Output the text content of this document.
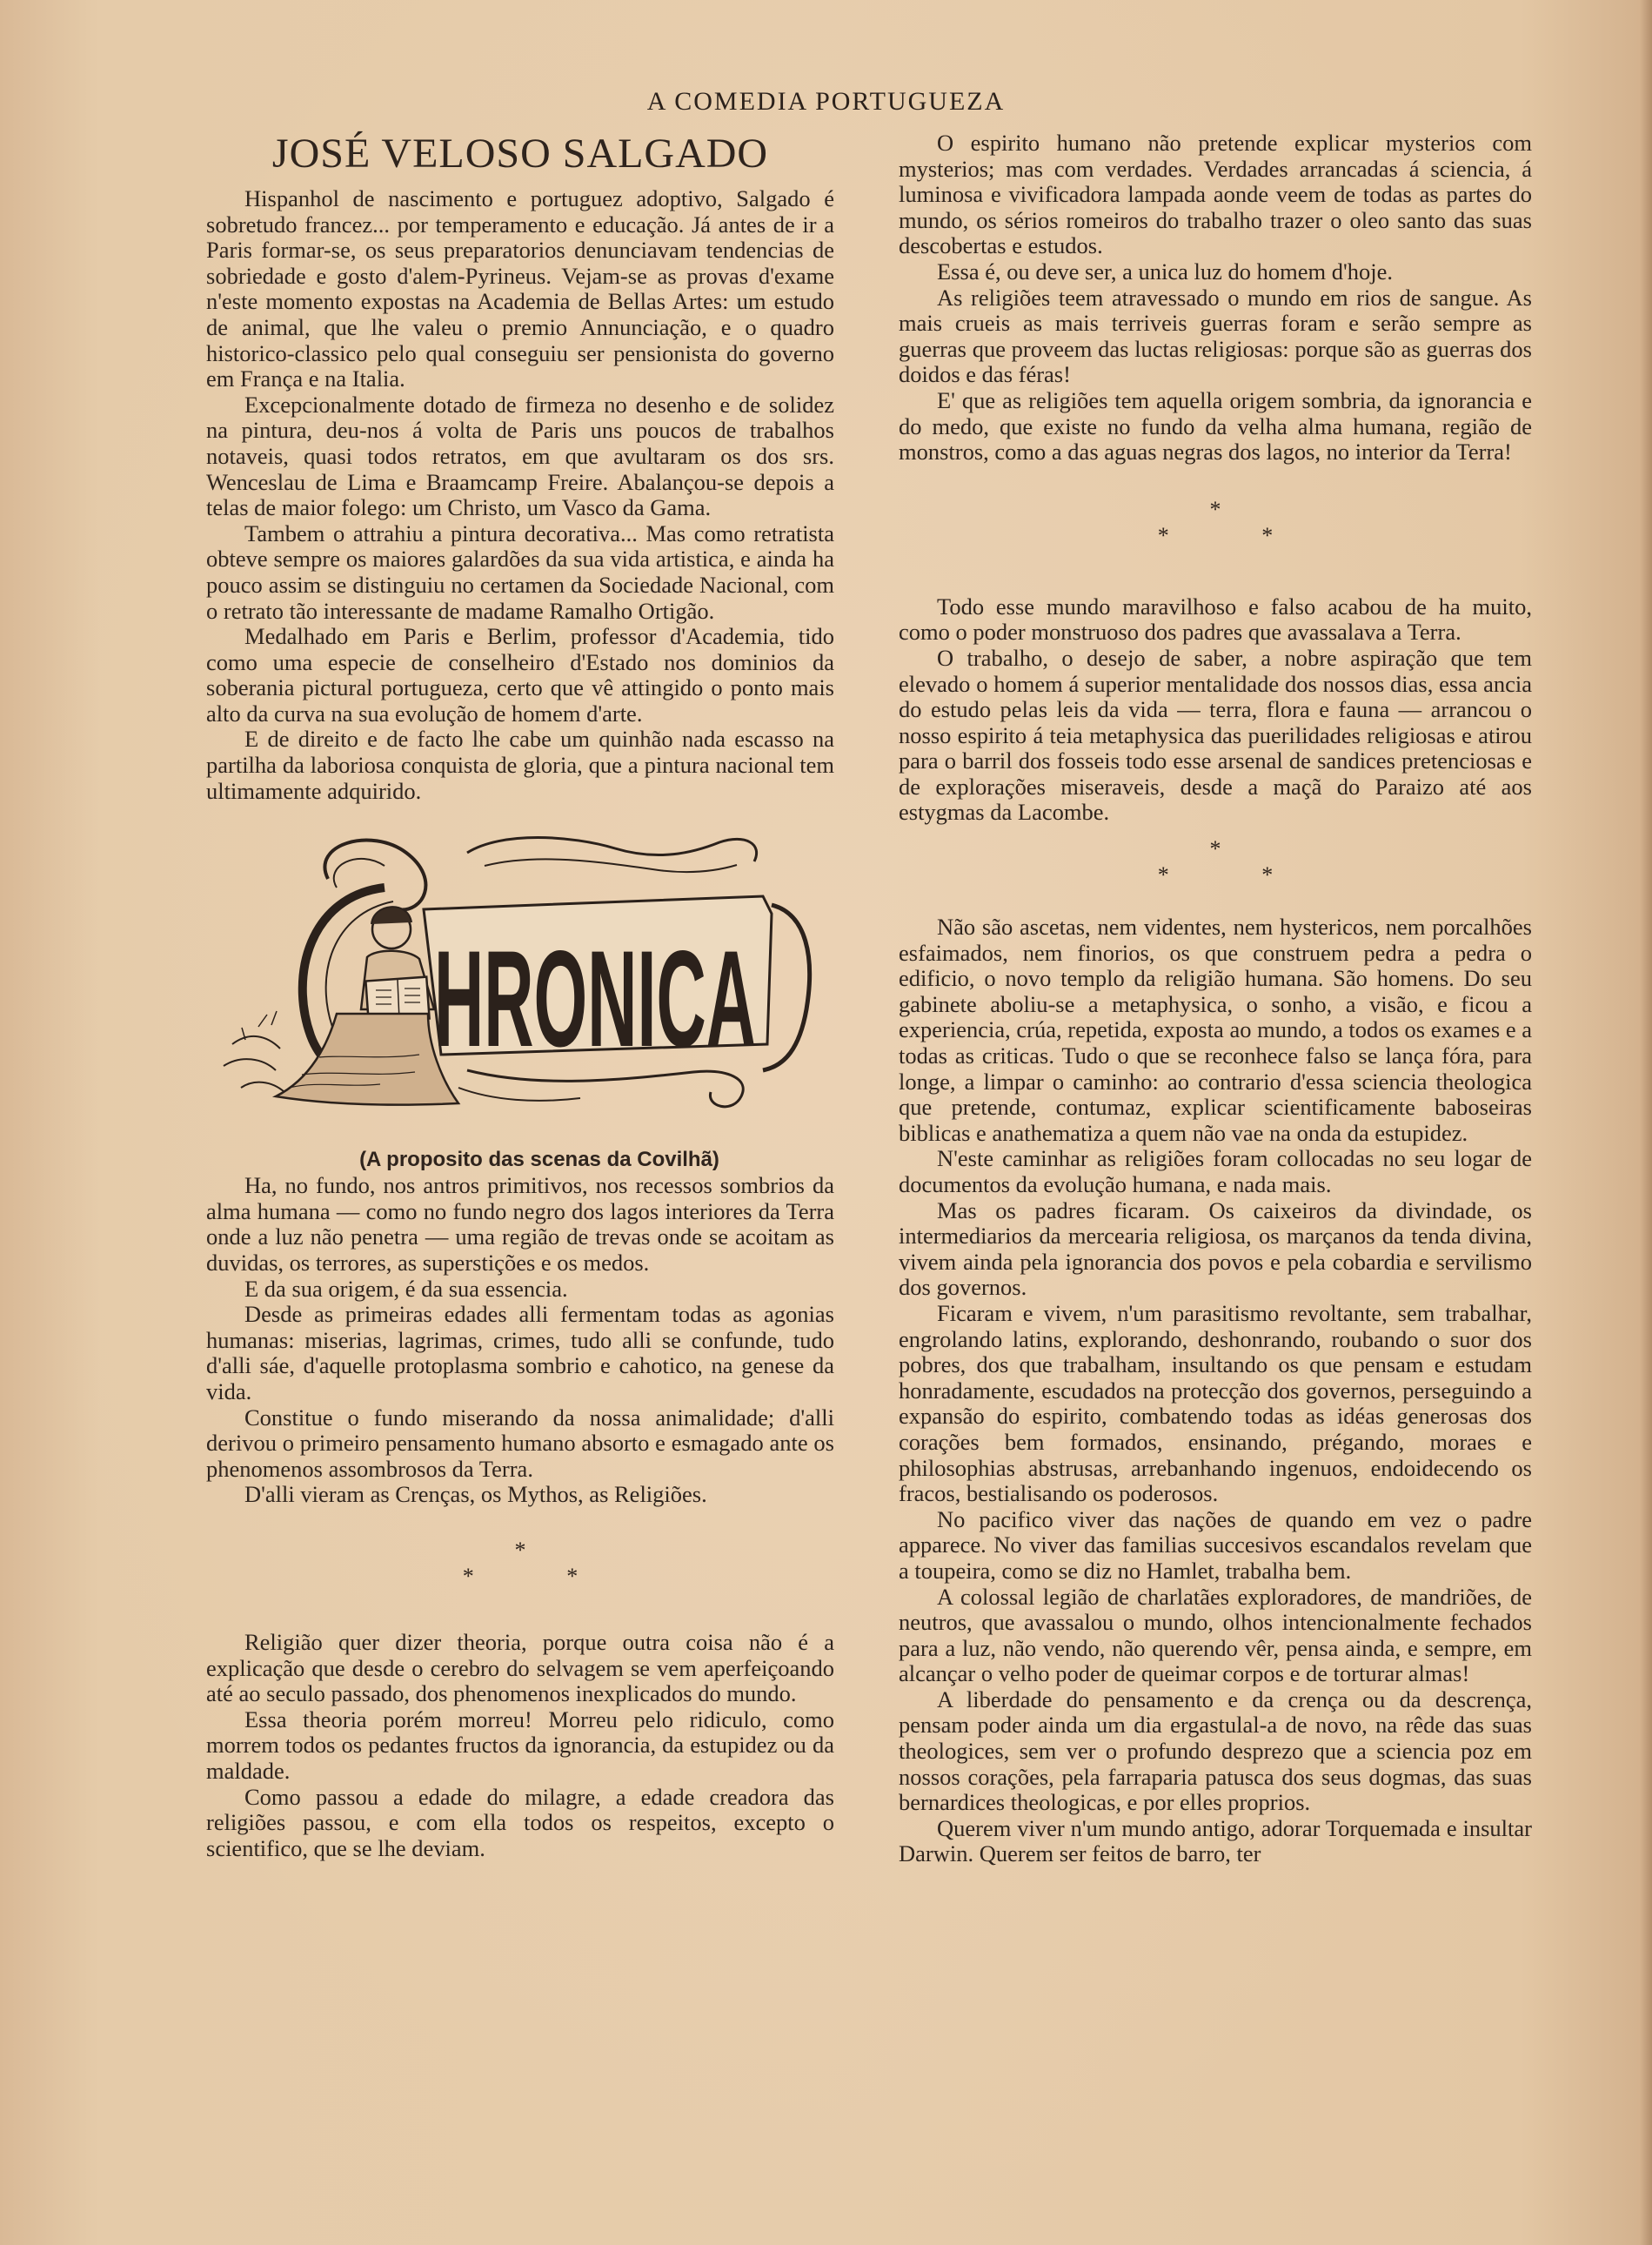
A COMEDIA PORTUGUEZA
JOSÉ VELOSO SALGADO

Hispanhol de nascimento e portuguez adoptivo, Salgado é sobretudo francez... por temperamento e educação. Já antes de ir a Paris formar-se, os seus preparatorios denunciavam tendencias de sobriedade e gosto d'alem-Pyrineus. Vejam-se as provas d'exame n'este momento expostas na Academia de Bellas Artes: um estudo de animal, que lhe valeu o premio Annunciação, e o quadro historico-classico pelo qual conseguiu ser pensionista do governo em França e na Italia.

Excepcionalmente dotado de firmeza no desenho e de solidez na pintura, deu-nos á volta de Paris uns poucos de trabalhos notaveis, quasi todos retratos, em que avultaram os dos srs. Wenceslau de Lima e Braamcamp Freire. Abalançou-se depois a telas de maior folego: um Christo, um Vasco da Gama.

Tambem o attrahiu a pintura decorativa... Mas como retratista obteve sempre os maiores galardões da sua vida artistica, e ainda ha pouco assim se distinguiu no certamen da Sociedade Nacional, com o retrato tão interessante de madame Ramalho Ortigão.

Medalhado em Paris e Berlim, professor d'Academia, tido como uma especie de conselheiro d'Estado nos dominios da soberania pictural portugueza, certo que vê attingido o ponto mais alto da curva na sua evolução de homem d'arte.

E de direito e de facto lhe cabe um quinhão nada escasso na partilha da laboriosa conquista de gloria, que a pintura nacional tem ultimamente adquirido.

HRONICA

(A proposito das scenas da Covilhã)

Ha, no fundo, nos antros primitivos, nos recessos sombrios da alma humana — como no fundo negro dos lagos interiores da Terra onde a luz não penetra — uma região de trevas onde se acoitam as duvidas, os terrores, as superstições e os medos.

E da sua origem, é da sua essencia.

Desde as primeiras edades alli fermentam todas as agonias humanas: miserias, lagrimas, crimes, tudo alli se confunde, tudo d'alli sáe, d'aquelle protoplasma sombrio e cahotico, na genese da vida.

Constitue o fundo miserando da nossa animalidade; d'alli derivou o primeiro pensamento humano absorto e esmagado ante os phenomenos assombrosos da Terra.

D'alli vieram as Crenças, os Mythos, as Religiões.

*
* *

Religião quer dizer theoria, porque outra coisa não é a explicação que desde o cerebro do selvagem se vem aperfeiçoando até ao seculo passado, dos phenomenos inexplicados do mundo.

Essa theoria porém morreu! Morreu pelo ridiculo, como morrem todos os pedantes fructos da ignorancia, da estupidez ou da maldade.

Como passou a edade do milagre, a edade creadora das religiões passou, e com ella todos os respeitos, excepto o scientifico, que se lhe deviam.

O espirito humano não pretende explicar mysterios com mysterios; mas com verdades. Verdades arrancadas á sciencia, á luminosa e vivificadora lampada aonde veem de todas as partes do mundo, os sérios romeiros do trabalho trazer o oleo santo das suas descobertas e estudos.

Essa é, ou deve ser, a unica luz do homem d'hoje.

As religiões teem atravessado o mundo em rios de sangue. As mais crueis as mais terriveis guerras foram e serão sempre as guerras que proveem das luctas religiosas: porque são as guerras dos doidos e das féras!

E' que as religiões tem aquella origem sombria, da ignorancia e do medo, que existe no fundo da velha alma humana, região de monstros, como a das aguas negras dos lagos, no interior da Terra!

*
* *

Todo esse mundo maravilhoso e falso acabou de ha muito, como o poder monstruoso dos padres que avassalava a Terra.

O trabalho, o desejo de saber, a nobre aspiração que tem elevado o homem á superior mentalidade dos nossos dias, essa ancia do estudo pelas leis da vida — terra, flora e fauna — arrancou o nosso espirito á teia metaphysica das puerilidades religiosas e atirou para o barril dos fosseis todo esse arsenal de sandices pretenciosas e de explorações miseraveis, desde a maçã do Paraizo até aos estygmas da Lacombe.

*
* *

Não são ascetas, nem videntes, nem hystericos, nem porcalhões esfaimados, nem finorios, os que construem pedra a pedra o edificio, o novo templo da religião humana. São homens. Do seu gabinete aboliu-se a metaphysica, o sonho, a visão, e ficou a experiencia, crúa, repetida, exposta ao mundo, a todos os exames e a todas as criticas. Tudo o que se reconhece falso se lança fóra, para longe, a limpar o caminho: ao contrario d'essa sciencia theologica que pretende, contumaz, explicar scientificamente baboseiras biblicas e anathematiza a quem não vae na onda da estupidez.

N'este caminhar as religiões foram collocadas no seu logar de documentos da evolução humana, e nada mais.

Mas os padres ficaram. Os caixeiros da divindade, os intermediarios da mercearia religiosa, os marçanos da tenda divina, vivem ainda pela ignorancia dos povos e pela cobardia e servilismo dos governos.

Ficaram e vivem, n'um parasitismo revoltante, sem trabalhar, engrolando latins, explorando, deshonrando, roubando o suor dos pobres, dos que trabalham, insultando os que pensam e estudam honradamente, escudados na protecção dos governos, perseguindo a expansão do espirito, combatendo todas as idéas generosas dos corações bem formados, ensinando, prégando, moraes e philosophias abstrusas, arrebanhando ingenuos, endoidecendo os fracos, bestialisando os poderosos.

No pacifico viver das nações de quando em vez o padre apparece. No viver das familias succesivos escandalos revelam que a toupeira, como se diz no Hamlet, trabalha bem.

A colossal legião de charlatães exploradores, de mandriões, de neutros, que avassalou o mundo, olhos intencionalmente fechados para a luz, não vendo, não querendo vêr, pensa ainda, e sempre, em alcançar o velho poder de queimar corpos e de torturar almas!

A liberdade do pensamento e da crença ou da descrença, pensam poder ainda um dia ergastulal-a de novo, na rêde das suas theologices, sem ver o profundo desprezo que a sciencia poz em nossos corações, pela farraparia patusca dos seus dogmas, das suas bernardices theologicas, e por elles proprios.

Querem viver n'um mundo antigo, adorar Torquemada e insultar Darwin. Querem ser feitos de barro, ter
